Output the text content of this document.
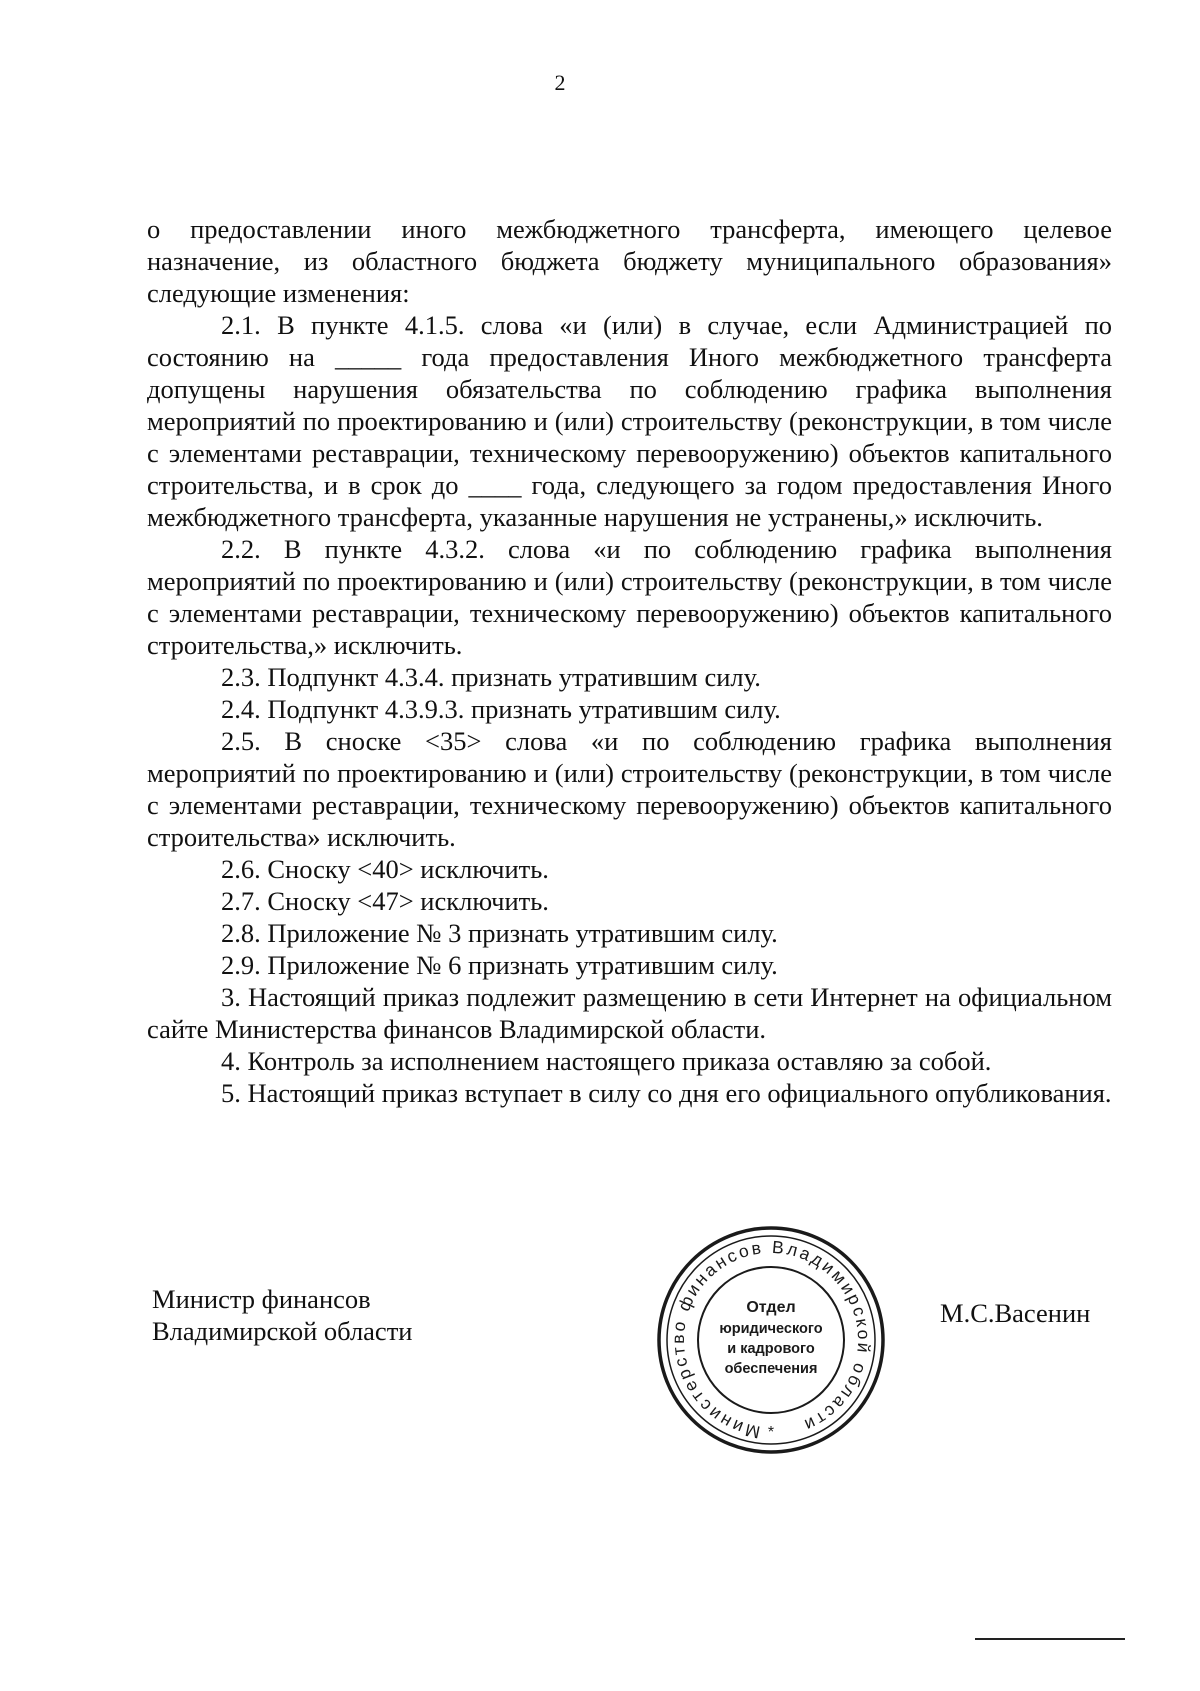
2

о предоставлении иного межбюджетного трансферта, имеющего целевое назначение, из областного бюджета бюджету муниципального образования» следующие изменения:

2.1. В пункте 4.1.5. слова «и (или) в случае, если Администрацией по состоянию на _____ года предоставления Иного межбюджетного трансферта допущены нарушения обязательства по соблюдению графика выполнения мероприятий по проектированию и (или) строительству (реконструкции, в том числе с элементами реставрации, техническому перевооружению) объектов капитального строительства, и в срок до ____ года, следующего за годом предоставления Иного межбюджетного трансферта, указанные нарушения не устранены,» исключить.

2.2. В пункте 4.3.2. слова «и по соблюдению графика выполнения мероприятий по проектированию и (или) строительству (реконструкции, в том числе с элементами реставрации, техническому перевооружению) объектов капитального строительства,» исключить.

2.3. Подпункт 4.3.4. признать утратившим силу.

2.4. Подпункт 4.3.9.3. признать утратившим силу.

2.5. В сноске <35> слова «и по соблюдению графика выполнения мероприятий по проектированию и (или) строительству (реконструкции, в том числе с элементами реставрации, техническому перевооружению) объектов капитального строительства» исключить.

2.6. Сноску <40> исключить.

2.7. Сноску <47> исключить.

2.8. Приложение № 3 признать утратившим силу.

2.9. Приложение № 6 признать утратившим силу.

3. Настоящий приказ подлежит размещению в сети Интернет на официальном сайте Министерства финансов Владимирской области.

4. Контроль за исполнением настоящего приказа оставляю за собой.

5. Настоящий приказ вступает в силу со дня его официального опубликования.

Министр финансов
Владимирской области
Министерство финансов Владимирской области
*
Отдел
юридического
и кадрового
обеспечения
М.С.Васенин
